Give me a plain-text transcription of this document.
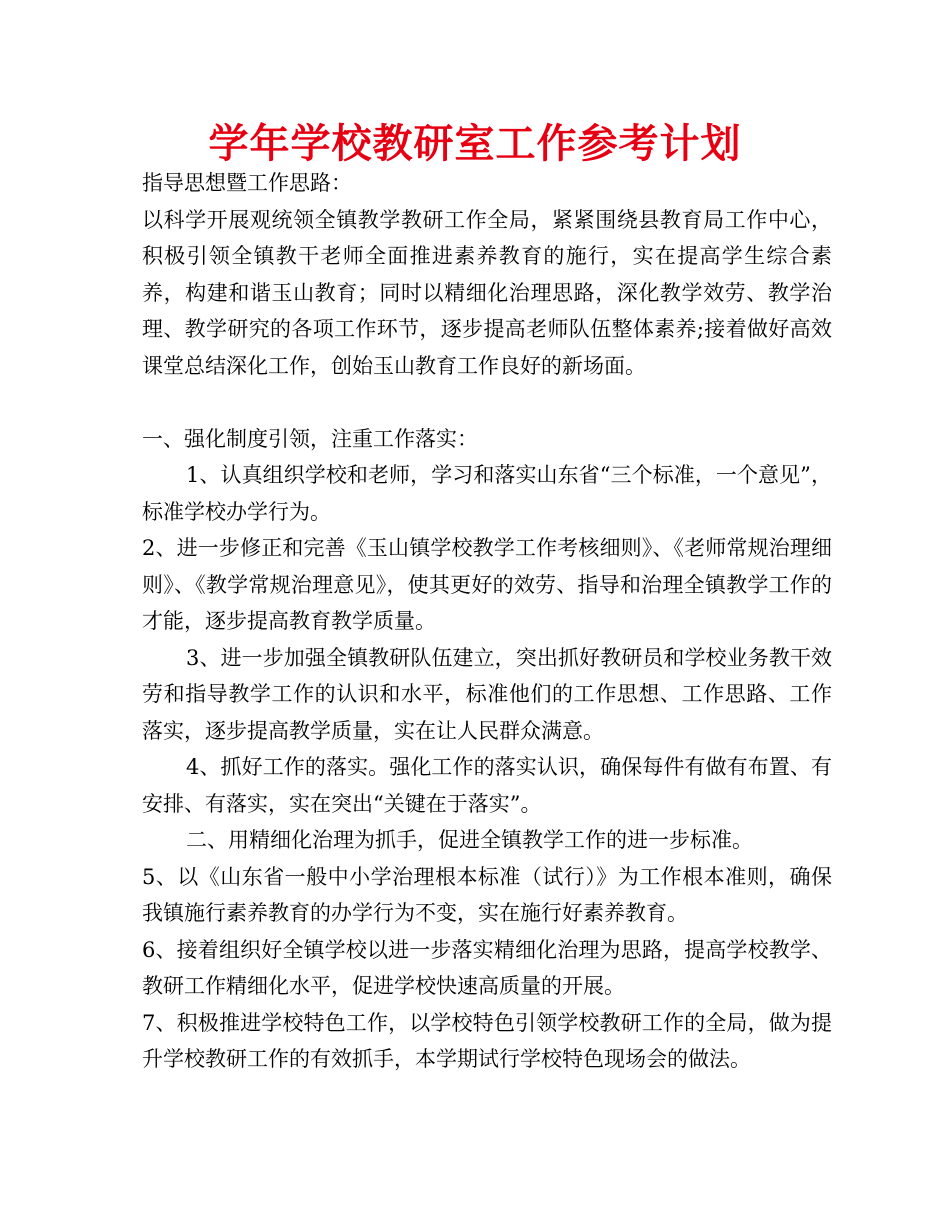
学年学校教研室工作参考计划

指导思想暨工作思路：

以科学开展观统领全镇教学教研工作全局，紧紧围绕县教育局工作中心，积极引领全镇教干老师全面推进素养教育的施行，实在提高学生综合素养，构建和谐玉山教育；同时以精细化治理思路，深化教学效劳、教学治理、教学研究的各项工作环节，逐步提高老师队伍整体素养;接着做好高效课堂总结深化工作，创始玉山教育工作良好的新场面。

一、强化制度引领，注重工作落实：

1、认真组织学校和老师，学习和落实山东省“三个标准，一个意见”，标准学校办学行为。

2、进一步修正和完善《玉山镇学校教学工作考核细则》、《老师常规治理细则》、《教学常规治理意见》，使其更好的效劳、指导和治理全镇教学工作的才能，逐步提高教育教学质量。

3、进一步加强全镇教研队伍建立，突出抓好教研员和学校业务教干效劳和指导教学工作的认识和水平，标准他们的工作思想、工作思路、工作落实，逐步提高教学质量，实在让人民群众满意。

4、抓好工作的落实。强化工作的落实认识，确保每件有做有布置、有安排、有落实，实在突出“关键在于落实”。

二、用精细化治理为抓手，促进全镇教学工作的进一步标准。

5、以《山东省一般中小学治理根本标准（试行）》为工作根本准则，确保我镇施行素养教育的办学行为不变，实在施行好素养教育。

6、接着组织好全镇学校以进一步落实精细化治理为思路，提高学校教学、教研工作精细化水平，促进学校快速高质量的开展。

7、积极推进学校特色工作，以学校特色引领学校教研工作的全局，做为提升学校教研工作的有效抓手，本学期试行学校特色现场会的做法。
